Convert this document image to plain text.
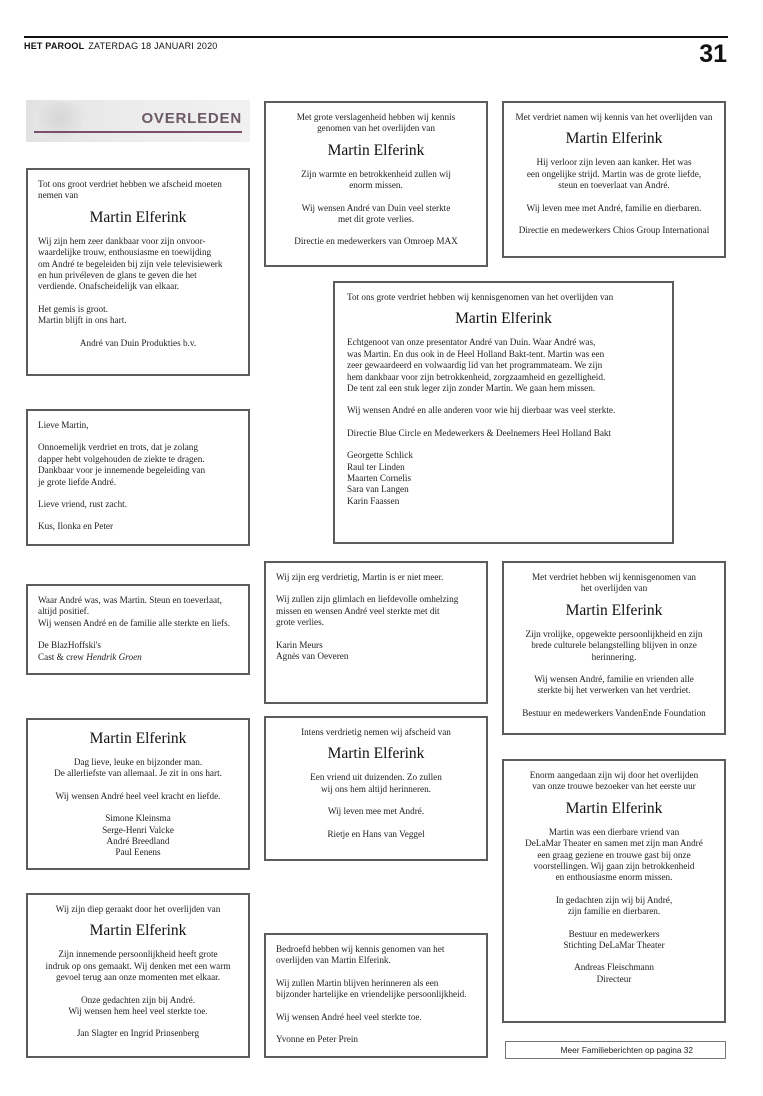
HET PAROOL ZATERDAG 18 JANUARI 2020	31
OVERLEDEN
Tot ons groot verdriet hebben we afscheid moeten
nemen van
Martin Elferink
Wij zijn hem zeer dankbaar voor zijn onvoor-
waardelijke trouw, enthousiasme en toewijding
om André te begeleiden bij zijn vele televisiewerk
en hun privéleven de glans te geven die het
verdiende. Onafscheidelijk van elkaar.
Het gemis is groot.
Martin blijft in ons hart.
André van Duin Produkties b.v.
Met grote verslagenheid hebben wij kennis
genomen van het overlijden van
Martin Elferink
Zijn warmte en betrokkenheid zullen wij
enorm missen.
Wij wensen André van Duin veel sterkte
met dit grote verlies.
Directie en medewerkers van Omroep MAX
Met verdriet namen wij kennis van het overlijden van
Martin Elferink
Hij verloor zijn leven aan kanker. Het was
een ongelijke strijd. Martin was de grote liefde,
steun en toeverlaat van André.
Wij leven mee met André, familie en dierbaren.
Directie en medewerkers Chios Group International
Tot ons grote verdriet hebben wij kennisgenomen van het overlijden van
Martin Elferink
Echtgenoot van onze presentator André van Duin. Waar André was,
was Martin. En dus ook in de Heel Holland Bakt-tent. Martin was een
zeer gewaardeerd en volwaardig lid van het programmateam. We zijn
hem dankbaar voor zijn betrokkenheid, zorgzaamheid en gezelligheid.
De tent zal een stuk leger zijn zonder Martin. We gaan hem missen.
Wij wensen André en alle anderen voor wie hij dierbaar was veel sterkte.
Directie Blue Circle en Medewerkers & Deelnemers Heel Holland Bakt
Georgette Schlick
Raul ter Linden
Maarten Cornelis
Sara van Langen
Karin Faassen
Lieve Martin,
Onnoemelijk verdriet en trots, dat je zolang
dapper hebt volgehouden de ziekte te dragen.
Dankbaar voor je innemende begeleiding van
je grote liefde André.
Lieve vriend, rust zacht.
Kus, Ilonka en Peter
Waar André was, was Martin. Steun en toeverlaat,
altijd positief.
Wij wensen André en de familie alle sterkte en liefs.
De BlazHoffski's
Cast & crew Hendrik Groen
Wij zijn erg verdrietig, Martin is er niet meer.
Wij zullen zijn glimlach en liefdevolle omhelzing
missen en wensen André veel sterkte met dit
grote verlies.
Karin Meurs
Agnès van Oeveren
Met verdriet hebben wij kennisgenomen van
het overlijden van
Martin Elferink
Zijn vrolijke, opgewekte persoonlijkheid en zijn
brede culturele belangstelling blijven in onze
herinnering.
Wij wensen André, familie en vrienden alle
sterkte bij het verwerken van het verdriet.
Bestuur en medewerkers VandenEnde Foundation
Martin Elferink
Dag lieve, leuke en bijzonder man.
De allerliefste van allemaal. Je zit in ons hart.
Wij wensen André heel veel kracht en liefde.
Simone Kleinsma
Serge-Henri Valcke
André Breedland
Paul Eenens
Intens verdrietig nemen wij afscheid van
Martin Elferink
Een vriend uit duizenden. Zo zullen
wij ons hem altijd herinneren.
Wij leven mee met André.
Rietje en Hans van Veggel
Enorm aangedaan zijn wij door het overlijden
van onze trouwe bezoeker van het eerste uur
Martin Elferink
Martin was een dierbare vriend van
DeLaMar Theater en samen met zijn man André
een graag geziene en trouwe gast bij onze
voorstellingen. Wij gaan zijn betrokkenheid
en enthousiasme enorm missen.
In gedachten zijn wij bij André,
zijn familie en dierbaren.
Bestuur en medewerkers
Stichting DeLaMar Theater
Andreas Fleischmann
Directeur
Wij zijn diep geraakt door het overlijden van
Martin Elferink
Zijn innemende persoonlijkheid heeft grote
indruk op ons gemaakt. Wij denken met een warm
gevoel terug aan onze momenten met elkaar.
Onze gedachten zijn bij André.
Wij wensen hem heel veel sterkte toe.
Jan Slagter en Ingrid Prinsenberg
Bedroefd hebben wij kennis genomen van het
overlijden van Martin Elferink.
Wij zullen Martin blijven herinneren als een
bijzonder hartelijke en vriendelijke persoonlijkheid.
Wij wensen André heel veel sterkte toe.
Yvonne en Peter Prein
Meer Familieberichten op pagina 32
